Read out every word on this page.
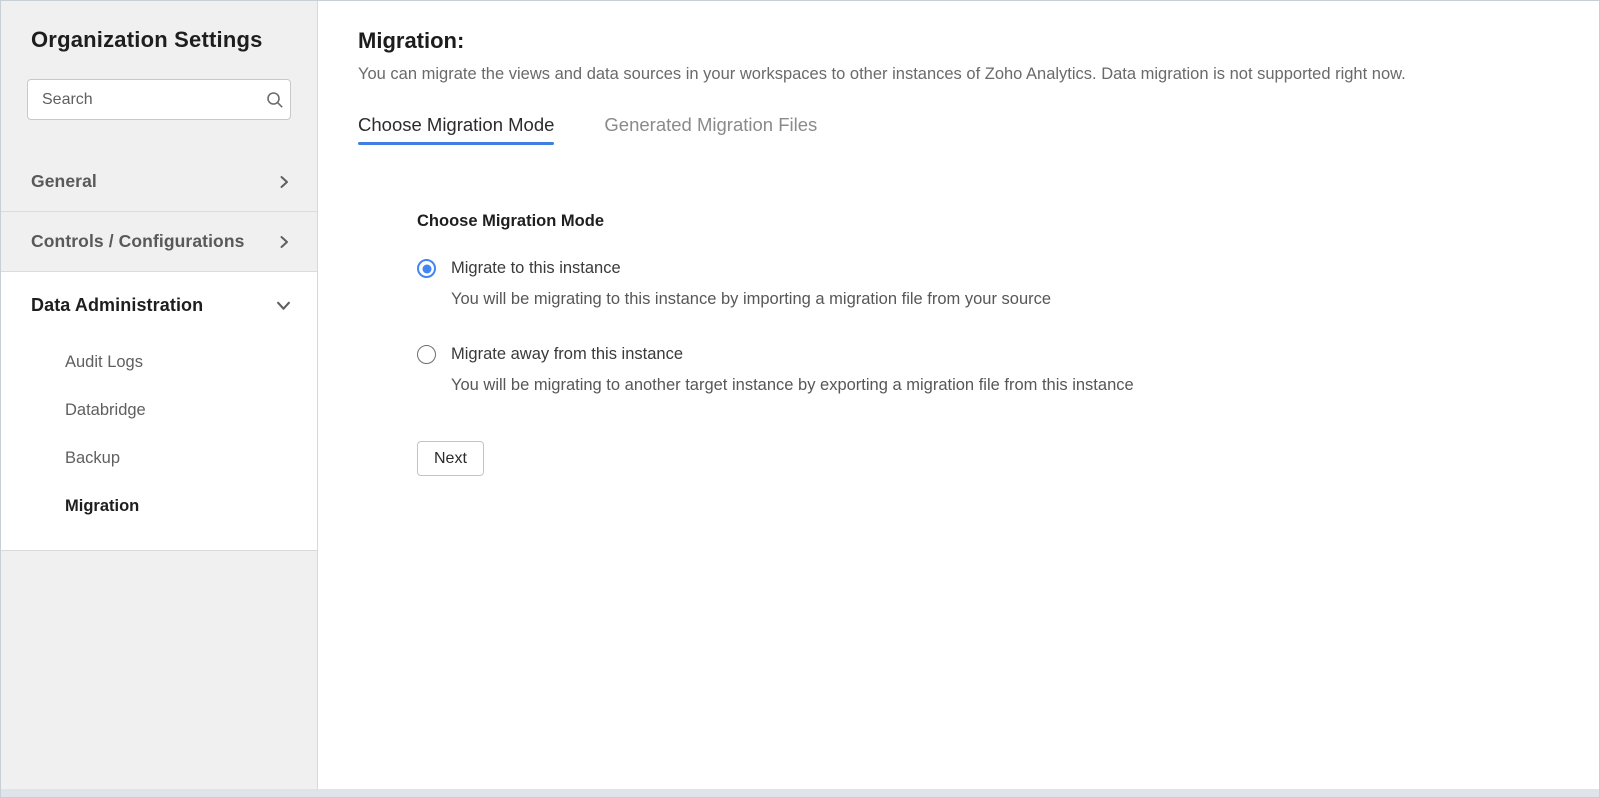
Organization Settings
Search
General
Controls / Configurations
Data Administration
Audit Logs
Databridge
Backup
Migration
Migration:

You can migrate the views and data sources in your workspaces to other instances of Zoho Analytics. Data migration is not supported right now.

Choose Migration Mode	Generated Migration Files
Choose Migration Mode
Migrate to this instance
You will be migrating to this instance by importing a migration file from your source
Migrate away from this instance
You will be migrating to another target instance by exporting a migration file from this instance
Next
